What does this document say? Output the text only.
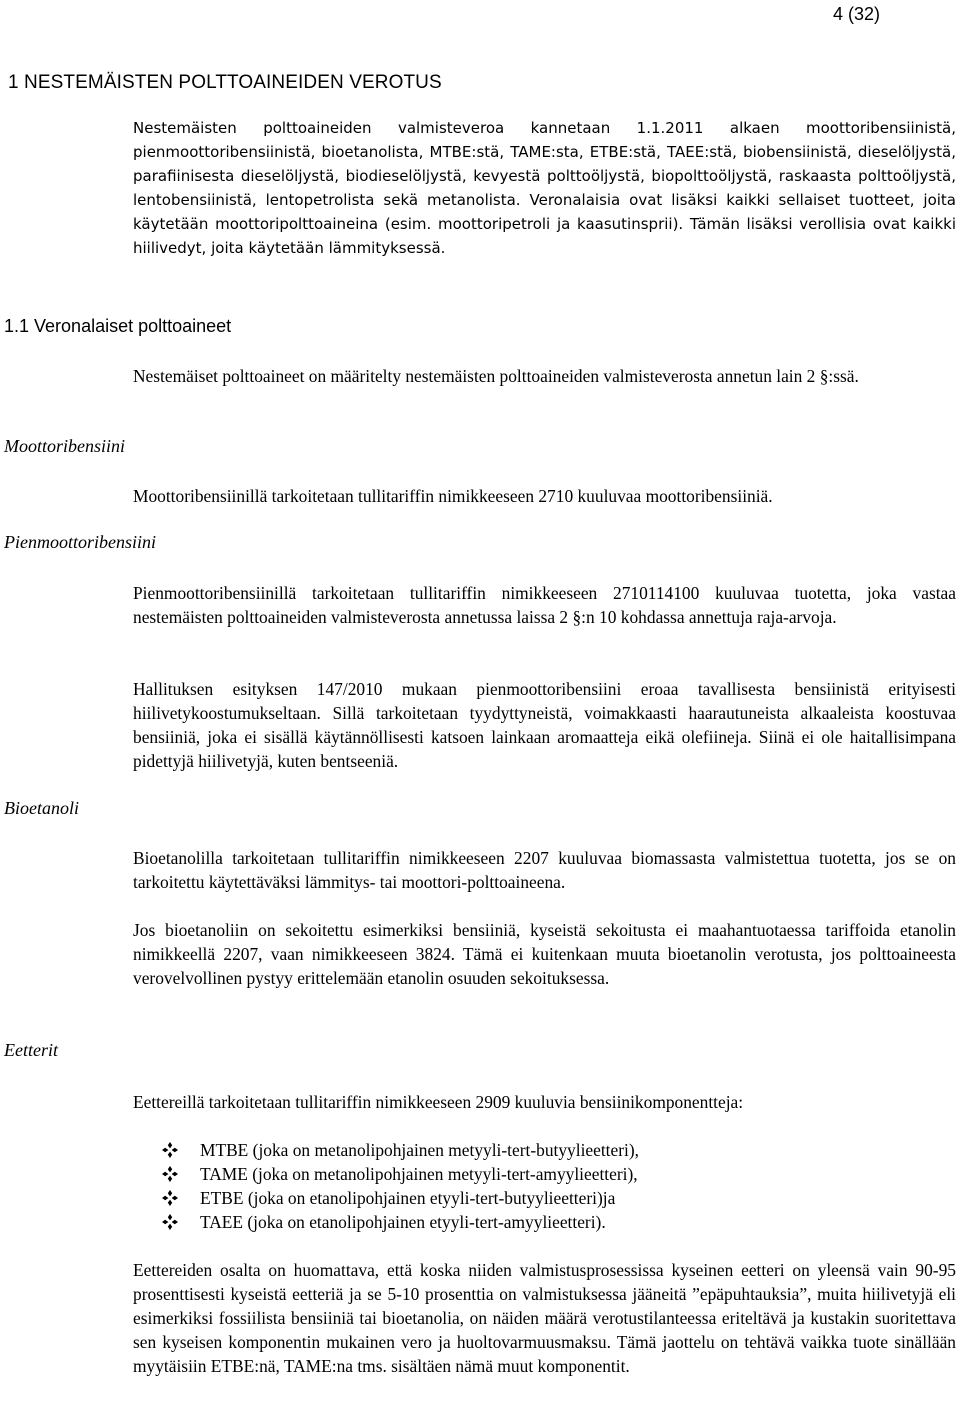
4 (32)
1 NESTEMÄISTEN POLTTOAINEIDEN VEROTUS

Nestemäisten polttoaineiden valmisteveroa kannetaan 1.1.2011 alkaen moottoribensiinistä, pienmoottoribensiinistä, bioetanolista, MTBE:stä, TAME:sta, ETBE:stä, TAEE:stä, biobensiinistä, dieselöljystä, parafiinisesta dieselöljystä, biodieselöljystä, kevyestä polttoöljystä, biopolttoöljystä, raskaasta polttoöljystä, lentobensiinistä, lentopetrolista sekä metanolista. Veronalaisia ovat lisäksi kaikki sellaiset tuotteet, joita käytetään moottoripolttoaineina (esim. moottoripetroli ja kaasutinsprii). Tämän lisäksi verollisia ovat kaikki hiilivedyt, joita käytetään lämmityksessä.

1.1 Veronalaiset polttoaineet

Nestemäiset polttoaineet on määritelty nestemäisten polttoaineiden valmisteverosta annetun lain 2 §:ssä.

Moottoribensiini

Moottoribensiinillä tarkoitetaan tullitariffin nimikkeeseen 2710 kuuluvaa moottoribensiiniä.

Pienmoottoribensiini

Pienmoottoribensiinillä tarkoitetaan tullitariffin nimikkeeseen 2710114100 kuuluvaa tuotetta, joka vastaa nestemäisten polttoaineiden valmisteverosta annetussa laissa 2 §:n 10 kohdassa annettuja raja-arvoja.

Hallituksen esityksen 147/2010 mukaan pienmoottoribensiini eroaa tavallisesta bensiinistä erityisesti hiilivetykoostumukseltaan. Sillä tarkoitetaan tyydyttyneistä, voimakkaasti haarautuneista alkaaleista koostuvaa bensiiniä, joka ei sisällä käytännöllisesti katsoen lainkaan aromaatteja eikä olefiineja. Siinä ei ole haitallisimpana pidettyjä hiilivetyjä, kuten bentseeniä.

Bioetanoli

Bioetanolilla tarkoitetaan tullitariffin nimikkeeseen 2207 kuuluvaa biomassasta valmistettua tuotetta, jos se on tarkoitettu käytettäväksi lämmitys- tai moottori-polttoaineena.

Jos bioetanoliin on sekoitettu esimerkiksi bensiiniä, kyseistä sekoitusta ei maahantuotaessa tariffoida etanolin nimikkeellä 2207, vaan nimikkeeseen 3824. Tämä ei kuitenkaan muuta bioetanolin verotusta, jos polttoaineesta verovelvollinen pystyy erittelemään etanolin osuuden sekoituksessa.

Eetterit

Eettereillä tarkoitetaan tullitariffin nimikkeeseen 2909 kuuluvia bensiinikomponentteja:

MTBE (joka on metanolipohjainen metyyli-tert-butyylieetteri),
TAME (joka on metanolipohjainen metyyli-tert-amyylieetteri),
ETBE (joka on etanolipohjainen etyyli-tert-butyylieetteri)ja
TAEE (joka on etanolipohjainen etyyli-tert-amyylieetteri).

Eettereiden osalta on huomattava, että koska niiden valmistusprosessissa kyseinen eetteri on yleensä vain 90-95 prosenttisesti kyseistä eetteriä ja se 5-10 prosenttia on valmistuksessa jääneitä ”epäpuhtauksia”, muita hiilivetyjä eli esimerkiksi fossiilista bensiiniä tai bioetanolia, on näiden määrä verotustilanteessa eriteltävä ja kustakin suoritettava sen kyseisen komponentin mukainen vero ja huoltovarmuusmaksu. Tämä jaottelu on tehtävä vaikka tuote sinällään myytäisiin ETBE:nä, TAME:na tms. sisältäen nämä muut komponentit.
